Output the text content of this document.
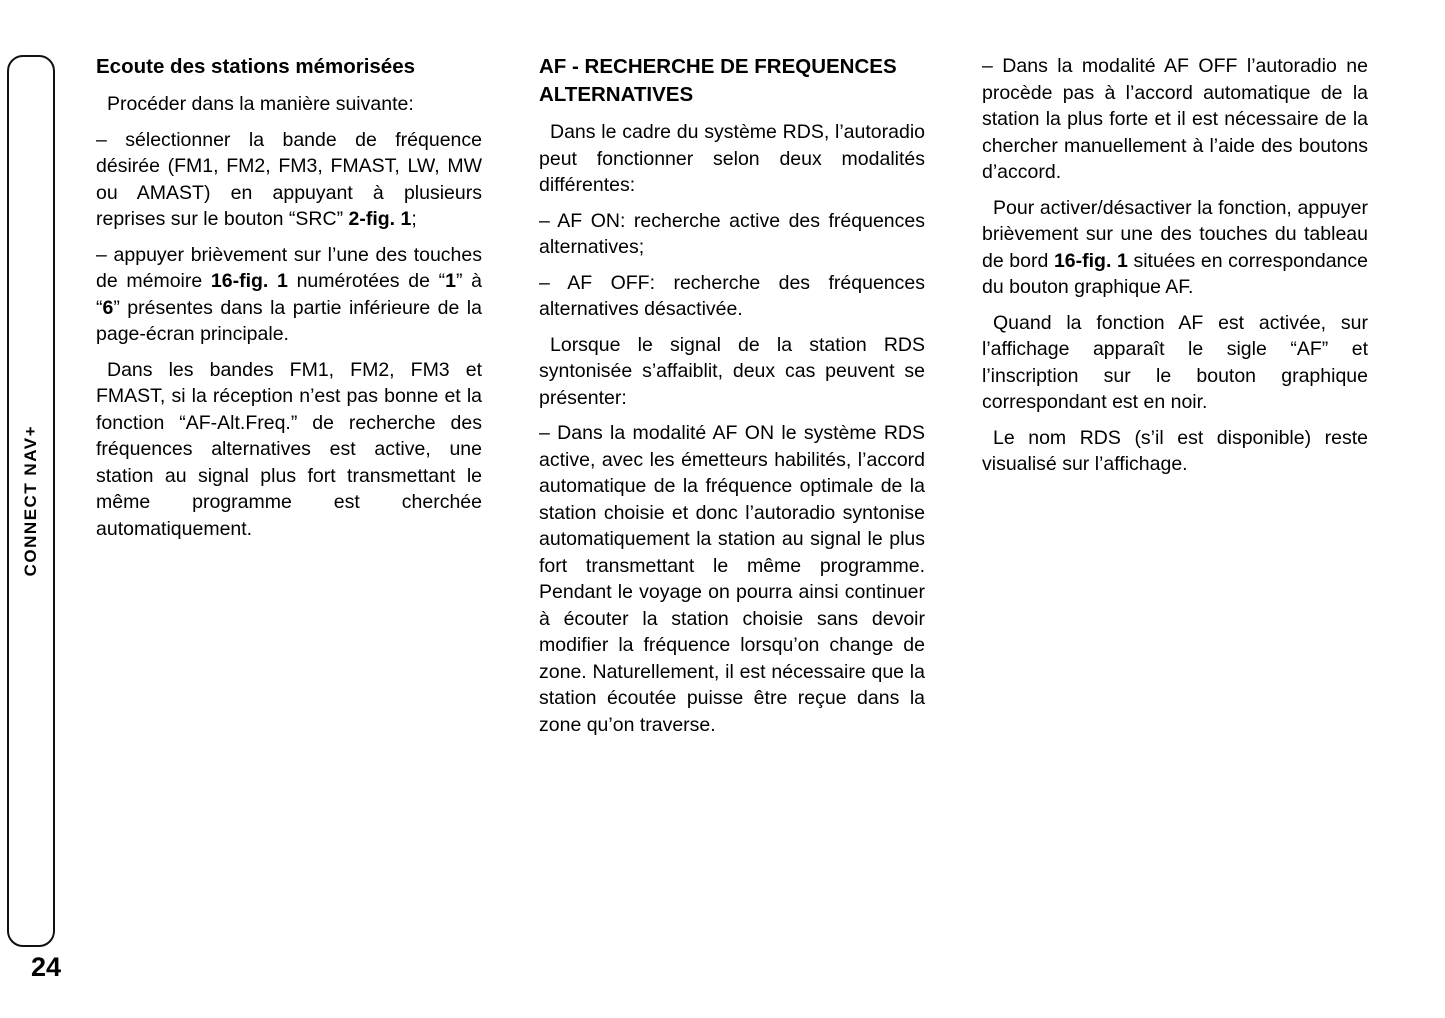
CONNECT NAV+
24
Ecoute des stations mémorisées

Procéder dans la manière suivante:

– sélectionner la bande de fréquence désirée (FM1, FM2, FM3, FMAST, LW, MW ou AMAST) en appuyant à plusieurs reprises sur le bouton “SRC” 2-fig. 1;

– appuyer brièvement sur l’une des touches de mémoire 16-fig. 1 numérotées de “1” à “6” présentes dans la partie inférieure de la page-écran principale.

Dans les bandes FM1, FM2, FM3 et FMAST, si la réception n’est pas bonne et la fonction “AF-Alt.Freq.” de recherche des fréquences alternatives est active, une station au signal plus fort transmettant le même programme est cherchée automatiquement.

AF - RECHERCHE DE FREQUENCES ALTERNATIVES

Dans le cadre du système RDS, l’autoradio peut fonctionner selon deux modalités différentes:

– AF ON: recherche active des fréquences alternatives;

– AF OFF: recherche des fréquences alternatives désactivée.

Lorsque le signal de la station RDS syntonisée s’affaiblit, deux cas peuvent se présenter:

– Dans la modalité AF ON le système RDS active, avec les émetteurs habilités, l’accord automatique de la fréquence optimale de la station choisie et donc l’autoradio syntonise automatiquement la station au signal le plus fort transmettant le même programme. Pendant le voyage on pourra ainsi continuer à écouter la station choisie sans devoir modifier la fréquence lorsqu’on change de zone. Naturellement, il est nécessaire que la station écoutée puisse être reçue dans la zone qu’on traverse.

– Dans la modalité AF OFF l’autoradio ne procède pas à l’accord automatique de la station la plus forte et il est nécessaire de la chercher manuellement à l’aide des boutons d’accord.

Pour activer/désactiver la fonction, appuyer brièvement sur une des touches du tableau de bord 16-fig. 1 situées en correspondance du bouton graphique AF.

Quand la fonction AF est activée, sur l’affichage apparaît le sigle “AF” et l’inscription sur le bouton graphique correspondant est en noir.

Le nom RDS (s’il est disponible) reste visualisé sur l’affichage.
